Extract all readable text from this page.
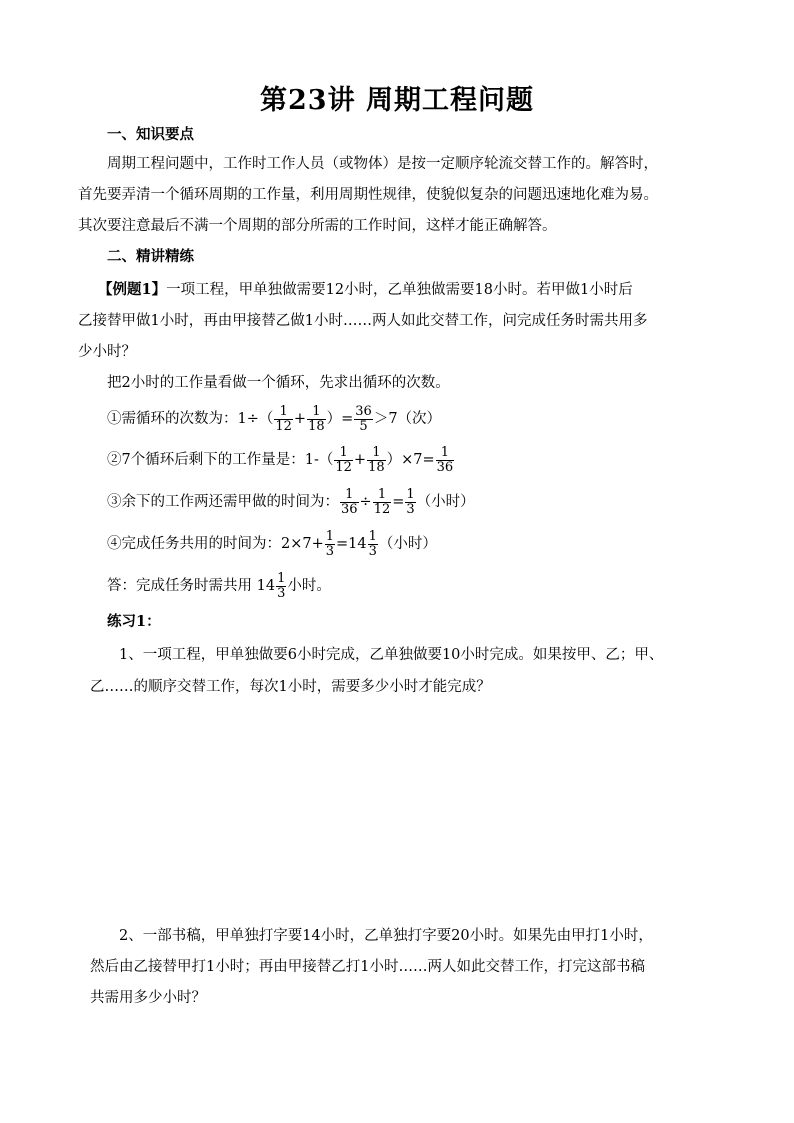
第23讲 周期工程问题
一、知识要点
周期工程问题中，工作时工作人员（或物体）是按一定顺序轮流交替工作的。解答时，
首先要弄清一个循环周期的工作量，利用周期性规律，使貌似复杂的问题迅速地化难为易。
其次要注意最后不满一个周期的部分所需的工作时间，这样才能正确解答。
二、精讲精练
【例题1】一项工程，甲单独做需要12小时，乙单独做需要18小时。若甲做1小时后
乙接替甲做1小时，再由甲接替乙做1小时……两人如此交替工作，问完成任务时需共用多
少小时？
把2小时的工作量看做一个循环，先求出循环的次数。
①需循环的次数为：$1\div( \frac{1}{12} + \frac{1}{18}$ ）= $\frac{36}{5} >7$（次）
②7个循环后剩下的工作量是：$1-( \frac{1}{12} + \frac{1}{18} )\times 7= \frac{1}{36}$
③余下的工作两还需甲做的时间为： $\frac{1}{36} \div \frac{1}{12} = \frac{1}{3}$ （小时）
④完成任务共用的时间为：$2\times 7+ \frac{1}{3} =14 \frac{1}{3}$ （小时）
答：完成任务时需共用 $14 \frac{1}{3}$ 小时。
练习1：
1、一项工程，甲单独做要6小时完成，乙单独做要10小时完成。如果按甲、乙；甲、
乙……的顺序交替工作，每次1小时，需要多少小时才能完成？
2、一部书稿，甲单独打字要14小时，乙单独打字要20小时。如果先由甲打1小时，
然后由乙接替甲打1小时；再由甲接替乙打1小时……两人如此交替工作，打完这部书稿
共需用多少小时？
